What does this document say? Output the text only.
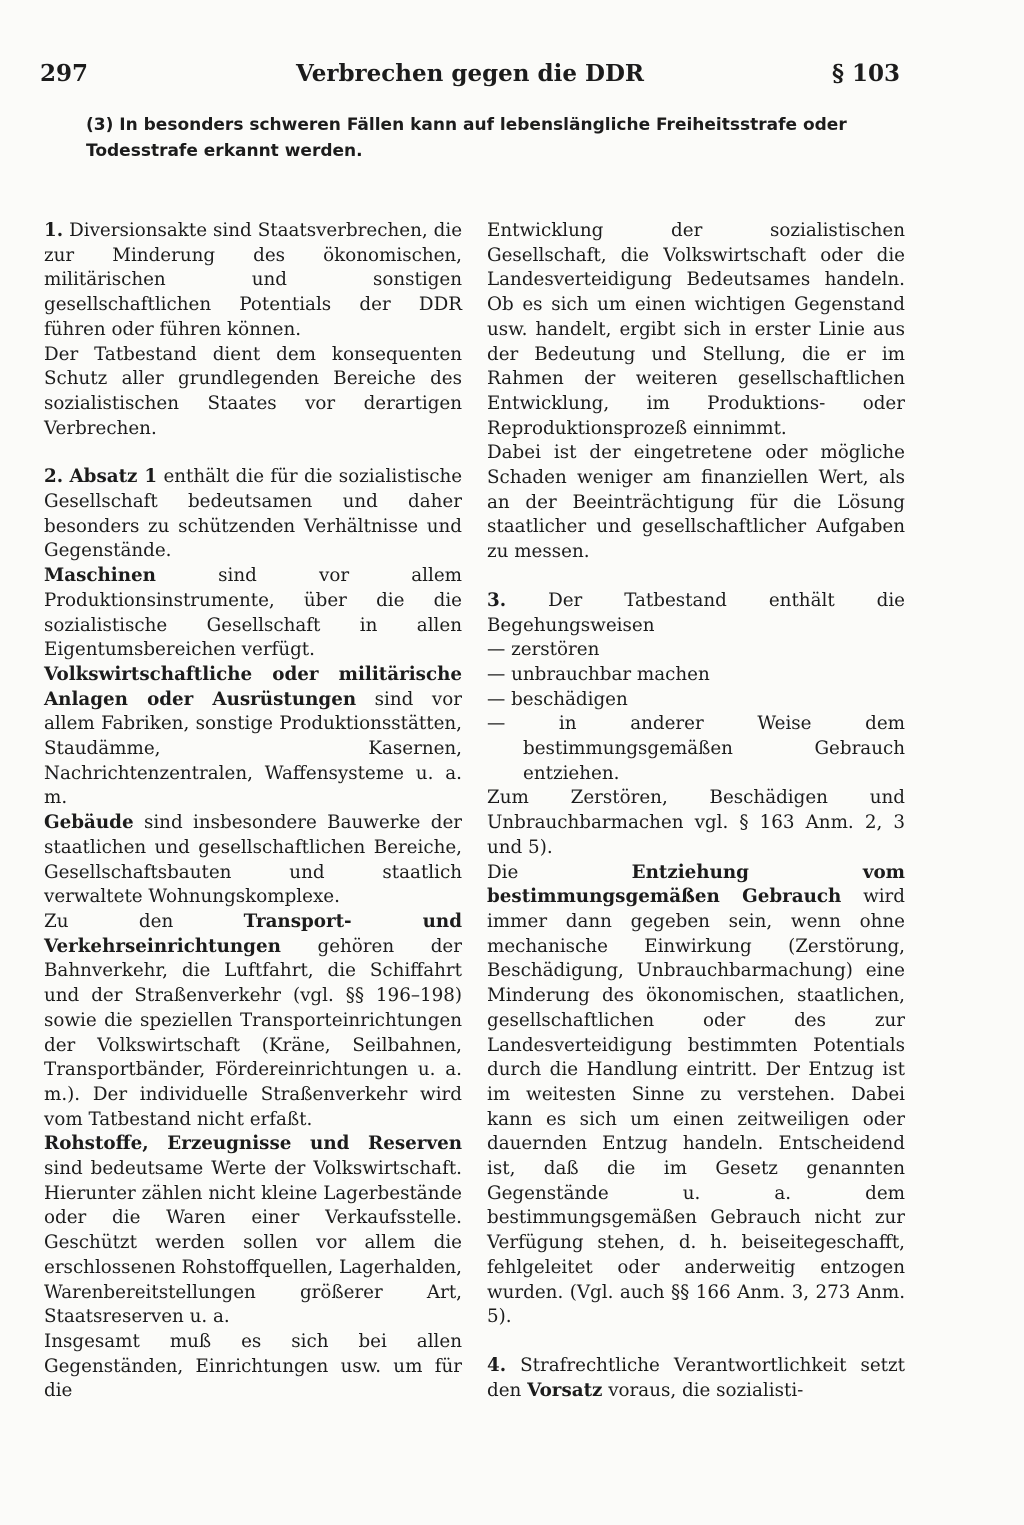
297	Verbrechen gegen die DDR	§ 103
(3) In besonders schweren Fällen kann auf lebenslängliche Freiheitsstrafe oder Todesstrafe erkannt werden.

1. Diversionsakte sind Staatsverbrechen, die zur Minderung des ökonomischen, militärischen und sonstigen gesellschaftlichen Potentials der DDR führen oder führen können.

Der Tatbestand dient dem konsequenten Schutz aller grundlegenden Bereiche des sozialistischen Staates vor derartigen Verbrechen.

2. Absatz 1 enthält die für die sozialistische Gesellschaft bedeutsamen und daher besonders zu schützenden Verhältnisse und Gegenstände.

Maschinen	sind vor allem Produktionsinstrumente, über die die sozialistische Gesellschaft in allen Eigentumsbereichen verfügt.

Volkswirtschaftliche oder militärische Anlagen oder Ausrüstungen sind vor allem Fabriken, sonstige Produktionsstätten, Staudämme, Kasernen, Nachrichtenzentralen, Waffensysteme u. a. m.

Gebäude sind insbesondere Bauwerke der staatlichen und gesellschaftlichen Bereiche, Gesellschaftsbauten und staatlich verwaltete Wohnungskomplexe.

Zu den	Transport- und Verkehrseinrichtungen gehören der Bahnverkehr, die Luftfahrt, die Schiffahrt und der Straßenverkehr (vgl. §§ 196–198) sowie die speziellen Transporteinrichtungen der Volkswirtschaft (Kräne, Seilbahnen, Transportbänder, Fördereinrichtungen u. a. m.). Der individuelle Straßenverkehr wird vom Tatbestand nicht erfaßt.

Rohstoffe, Erzeugnisse und Reserven sind bedeutsame Werte der Volkswirtschaft. Hierunter zählen nicht kleine Lagerbestände oder die Waren einer Verkaufsstelle. Geschützt werden sollen vor allem die erschlossenen Rohstoffquellen, Lagerhalden, Warenbereitstellungen größerer Art, Staatsreserven u. a.

Insgesamt muß es sich bei allen Gegenständen, Einrichtungen usw. um für die

Entwicklung der sozialistischen Gesellschaft, die Volkswirtschaft oder die Landesverteidigung Bedeutsames handeln. Ob es sich um einen wichtigen Gegenstand usw. handelt, ergibt sich in erster Linie aus der Bedeutung und Stellung, die er im Rahmen der weiteren gesellschaftlichen Entwicklung, im Produktions- oder Reproduktionsprozeß einnimmt.

Dabei ist der eingetretene oder mögliche Schaden weniger am finanziellen Wert, als an der Beeinträchtigung für die Lösung staatlicher und gesellschaftlicher Aufgaben zu messen.

3. Der Tatbestand enthält die Begehungsweisen

— zerstören

— unbrauchbar machen

— beschädigen

— in anderer Weise dem bestimmungsgemäßen Gebrauch entziehen.

Zum Zerstören, Beschädigen und Unbrauchbarmachen vgl. § 163 Anm. 2, 3 und 5).

Die	Entziehung vom bestimmungsgemäßen Gebrauch wird immer dann gegeben sein, wenn ohne mechanische Einwirkung (Zerstörung, Beschädigung, Unbrauchbarmachung) eine Minderung des ökonomischen, staatlichen, gesellschaftlichen oder des zur Landesverteidigung bestimmten Potentials durch die Handlung eintritt. Der Entzug ist im weitesten Sinne zu verstehen. Dabei kann es sich um einen zeitweiligen oder dauernden Entzug handeln. Entscheidend ist, daß die im Gesetz genannten Gegenstände u. a. dem bestimmungsgemäßen Gebrauch nicht zur Verfügung stehen, d. h. beiseitegeschafft, fehlgeleitet oder anderweitig entzogen wurden. (Vgl. auch §§ 166 Anm. 3, 273 Anm. 5).

4. Strafrechtliche Verantwortlichkeit setzt den Vorsatz voraus, die sozialisti-
